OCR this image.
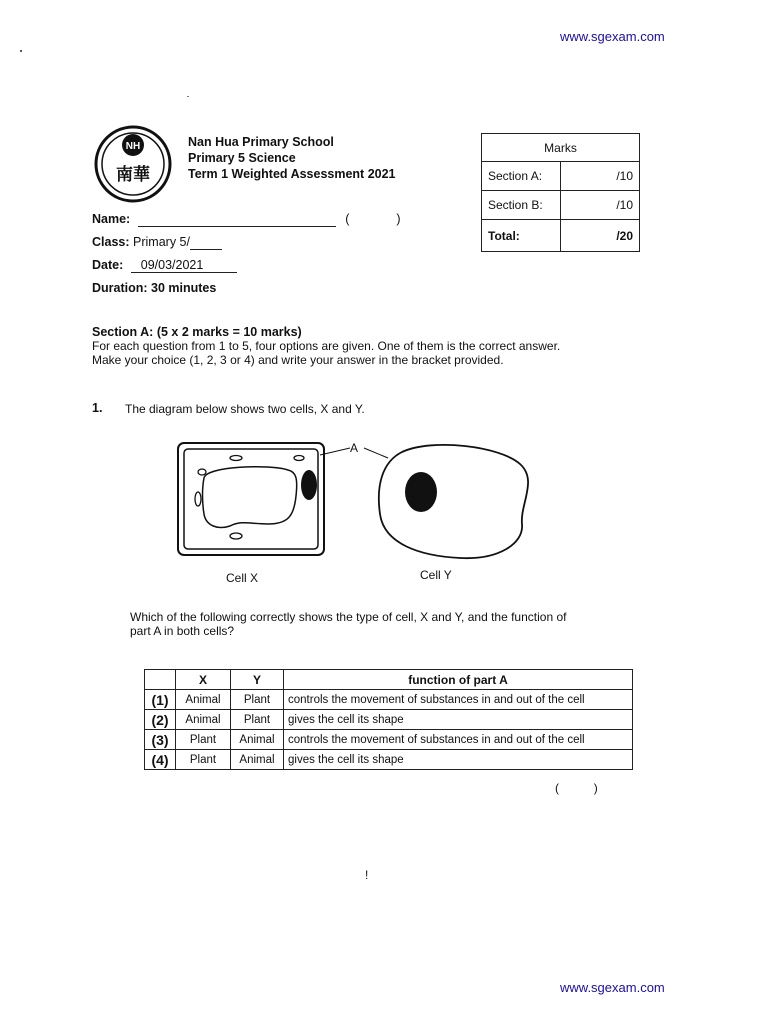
www.sgexam.com
www.sgexam.com
NH
南華
Nan Hua Primary School
Primary 5 Science
Term 1 Weighted Assessment 2021
Marks	
Section A:	/10
Section B:	/10
Total:	/20
Name:	(	)
Class: Primary 5/
Date: 09/03/2021
Duration: 30 minutes
Section A: (5 x 2 marks = 10 marks)
For each question from 1 to 5, four options are given. One of them is the correct answer.
Make your choice (1, 2, 3 or 4) and write your answer in the bracket provided.
1. The diagram below shows two cells, X and Y.
A
Cell X	Cell Y
Which of the following correctly shows the type of cell, X and Y, and the function of
part A in both cells?
	X	Y	function of part A
(1)	Animal	Plant	controls the movement of substances in and out of the cell
(2)	Animal	Plant	gives the cell its shape
(3)	Plant	Animal	controls the movement of substances in and out of the cell
(4)	Plant	Animal	gives the cell its shape
(	)
!
